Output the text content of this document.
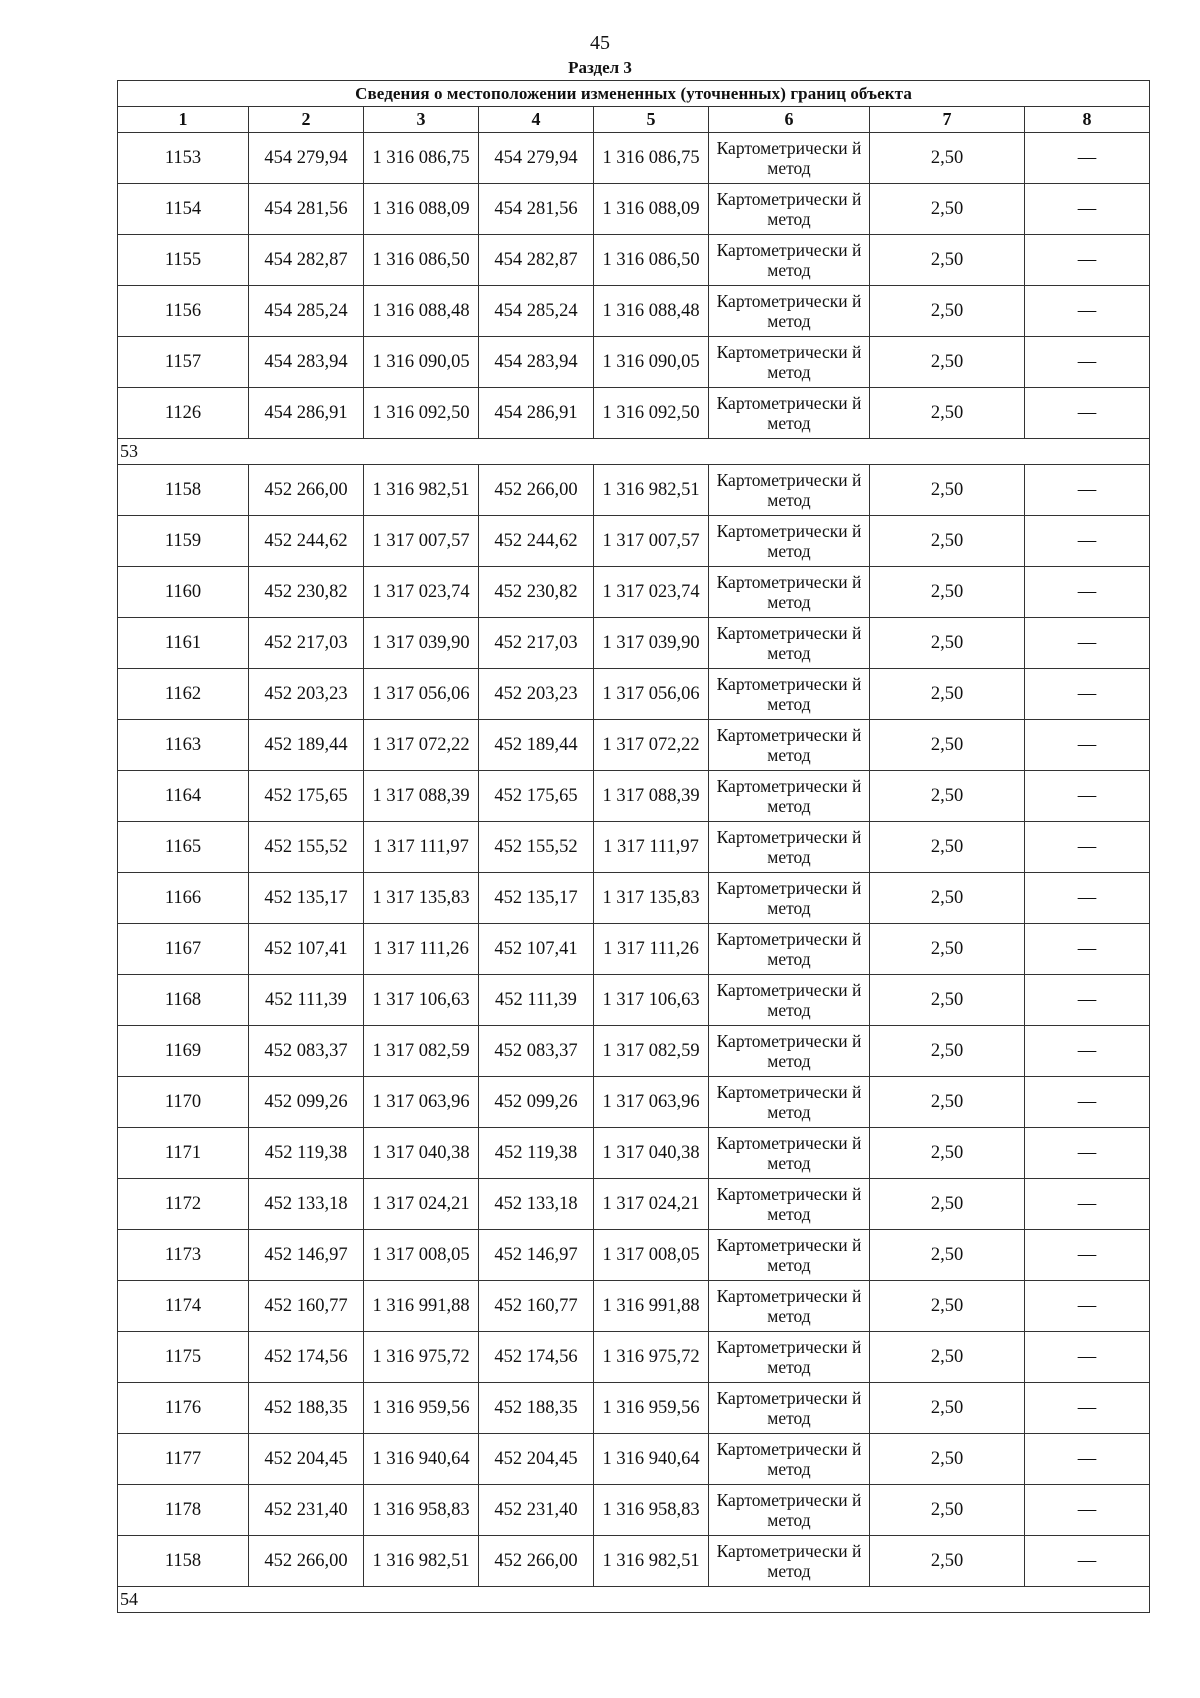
45
Раздел 3
Сведения о местоположении измененных (уточненных) границ объекта							
1	2	3	4	5	6	7	8
1153	454 279,94	1 316 086,75	454 279,94	1 316 086,75	Картометрически й метод	2,50	—
1154	454 281,56	1 316 088,09	454 281,56	1 316 088,09	Картометрически й метод	2,50	—
1155	454 282,87	1 316 086,50	454 282,87	1 316 086,50	Картометрически й метод	2,50	—
1156	454 285,24	1 316 088,48	454 285,24	1 316 088,48	Картометрически й метод	2,50	—
1157	454 283,94	1 316 090,05	454 283,94	1 316 090,05	Картометрически й метод	2,50	—
1126	454 286,91	1 316 092,50	454 286,91	1 316 092,50	Картометрически й метод	2,50	—
53							
1158	452 266,00	1 316 982,51	452 266,00	1 316 982,51	Картометрически й метод	2,50	—
1159	452 244,62	1 317 007,57	452 244,62	1 317 007,57	Картометрически й метод	2,50	—
1160	452 230,82	1 317 023,74	452 230,82	1 317 023,74	Картометрически й метод	2,50	—
1161	452 217,03	1 317 039,90	452 217,03	1 317 039,90	Картометрически й метод	2,50	—
1162	452 203,23	1 317 056,06	452 203,23	1 317 056,06	Картометрически й метод	2,50	—
1163	452 189,44	1 317 072,22	452 189,44	1 317 072,22	Картометрически й метод	2,50	—
1164	452 175,65	1 317 088,39	452 175,65	1 317 088,39	Картометрически й метод	2,50	—
1165	452 155,52	1 317 111,97	452 155,52	1 317 111,97	Картометрически й метод	2,50	—
1166	452 135,17	1 317 135,83	452 135,17	1 317 135,83	Картометрически й метод	2,50	—
1167	452 107,41	1 317 111,26	452 107,41	1 317 111,26	Картометрически й метод	2,50	—
1168	452 111,39	1 317 106,63	452 111,39	1 317 106,63	Картометрически й метод	2,50	—
1169	452 083,37	1 317 082,59	452 083,37	1 317 082,59	Картометрически й метод	2,50	—
1170	452 099,26	1 317 063,96	452 099,26	1 317 063,96	Картометрически й метод	2,50	—
1171	452 119,38	1 317 040,38	452 119,38	1 317 040,38	Картометрически й метод	2,50	—
1172	452 133,18	1 317 024,21	452 133,18	1 317 024,21	Картометрически й метод	2,50	—
1173	452 146,97	1 317 008,05	452 146,97	1 317 008,05	Картометрически й метод	2,50	—
1174	452 160,77	1 316 991,88	452 160,77	1 316 991,88	Картометрически й метод	2,50	—
1175	452 174,56	1 316 975,72	452 174,56	1 316 975,72	Картометрически й метод	2,50	—
1176	452 188,35	1 316 959,56	452 188,35	1 316 959,56	Картометрически й метод	2,50	—
1177	452 204,45	1 316 940,64	452 204,45	1 316 940,64	Картометрически й метод	2,50	—
1178	452 231,40	1 316 958,83	452 231,40	1 316 958,83	Картометрически й метод	2,50	—
1158	452 266,00	1 316 982,51	452 266,00	1 316 982,51	Картометрически й метод	2,50	—
54							
